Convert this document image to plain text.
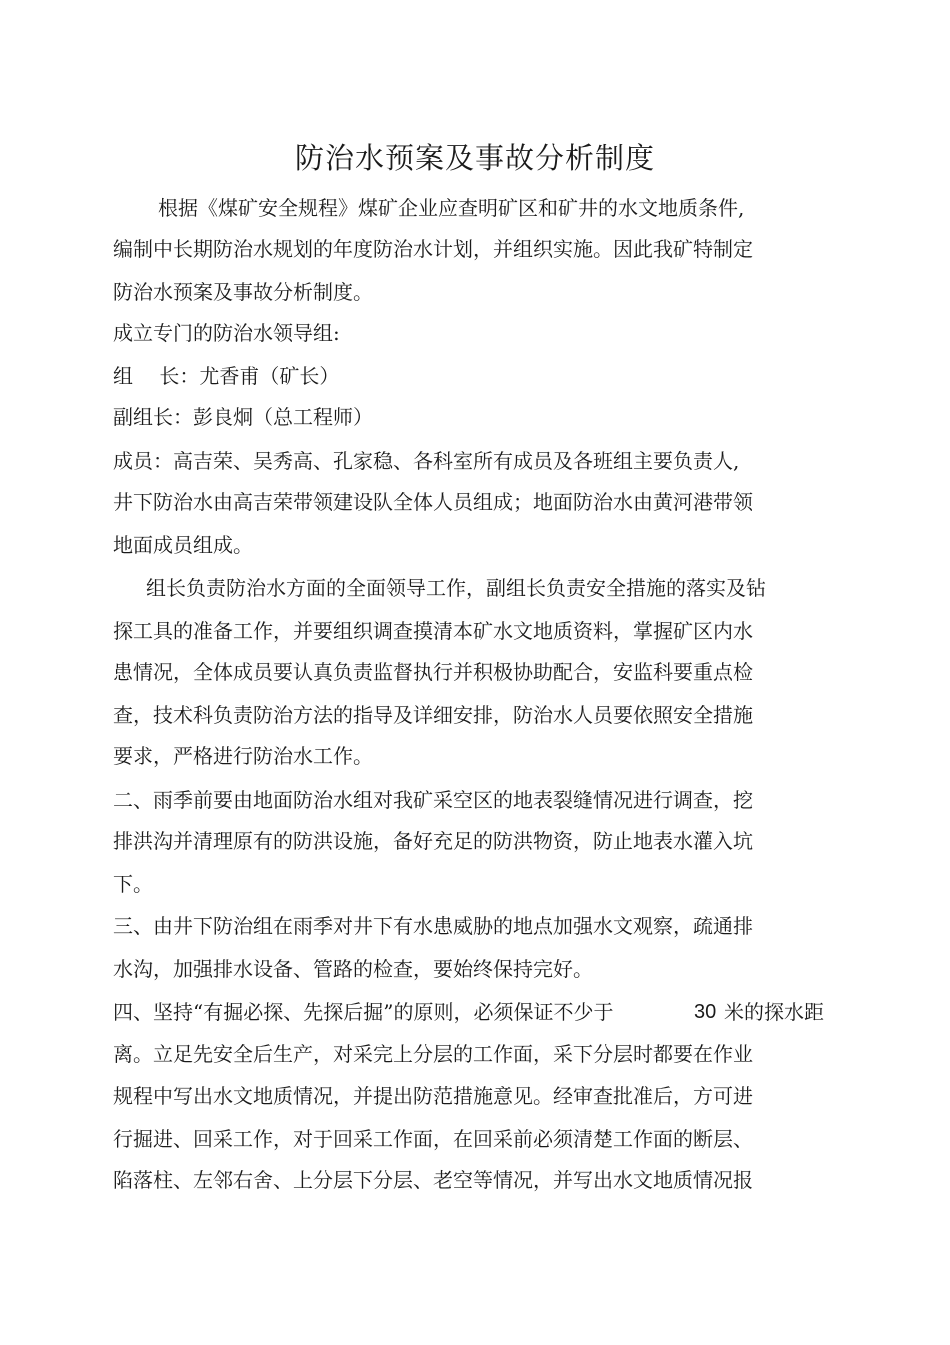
防治水预案及事故分析制度
根据《煤矿安全规程》煤矿企业应查明矿区和矿井的水文地质条件,
编制中长期防治水规划的年度防治水计划，并组织实施。因此我矿特制定
防治水预案及事故分析制度。
成立专门的防治水领导组:
组　 长：尤香甫（矿长）
副组长：彭良炯（总工程师）
成员：高吉荣、吴秀高、孔家稳、各科室所有成员及各班组主要负责人,
井下防治水由高吉荣带领建设队全体人员组成；地面防治水由黄河港带领
地面成员组成。
组长负责防治水方面的全面领导工作，副组长负责安全措施的落实及钻
探工具的准备工作，并要组织调查摸清本矿水文地质资料，掌握矿区内水
患情况，全体成员要认真负责监督执行并积极协助配合，安监科要重点检
查，技术科负责防治方法的指导及详细安排，防治水人员要依照安全措施
要求，严格进行防治水工作。
二、雨季前要由地面防治水组对我矿采空区的地表裂缝情况进行调查，挖
排洪沟并清理原有的防洪设施，备好充足的防洪物资，防止地表水灌入坑
下。
三、由井下防治组在雨季对井下有水患威胁的地点加强水文观察，疏通排
水沟，加强排水设备、管路的检查，要始终保持完好。
四、坚持“有掘必探、先探后掘”的原则，必须保证不少于	30 米的探水距
离。立足先安全后生产，对采完上分层的工作面，采下分层时都要在作业
规程中写出水文地质情况，并提出防范措施意见。经审查批准后，方可进
行掘进、回采工作，对于回采工作面，在回采前必须清楚工作面的断层、
陷落柱、左邻右舍、上分层下分层、老空等情况，并写出水文地质情况报
